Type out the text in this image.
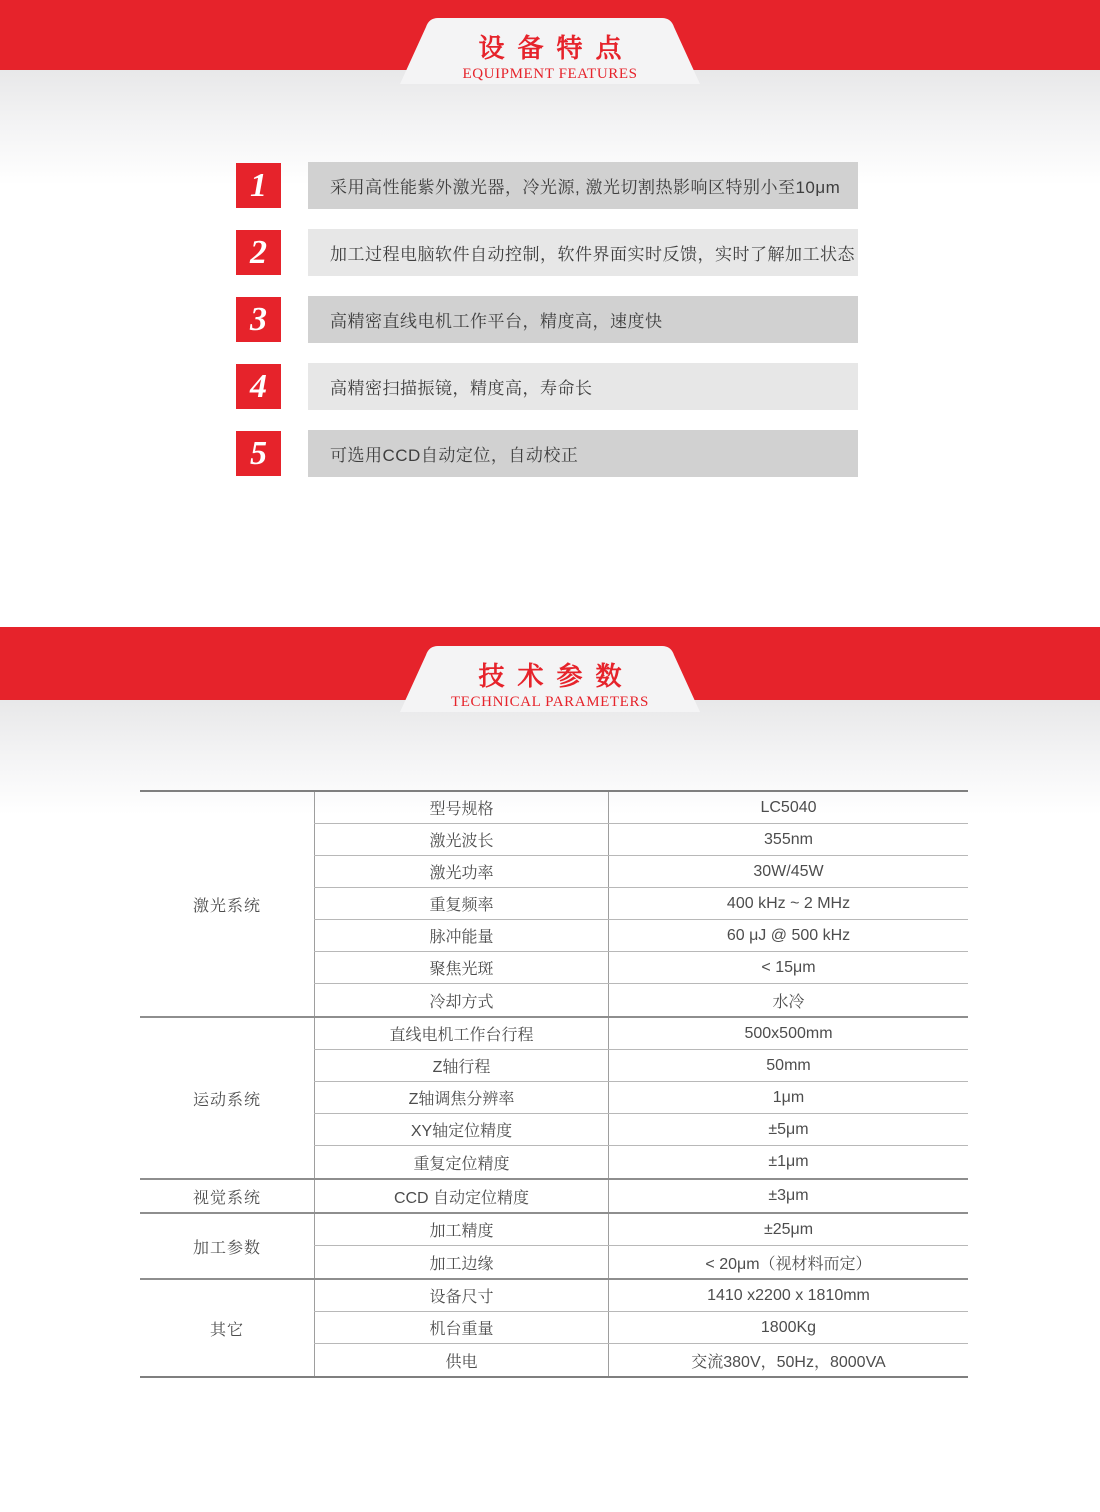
设备特点
EQUIPMENT FEATURES
1	采用高性能紫外激光器，冷光源, 激光切割热影响区特别小至10μm
2	加工过程电脑软件自动控制，软件界面实时反馈，实时了解加工状态
3	高精密直线电机工作平台，精度高，速度快
4	高精密扫描振镜，精度高，寿命长
5	可选用CCD自动定位，自动校正
技术参数
TECHNICAL PARAMETERS
激光系统
型号规格	LC5040
激光波长	355nm
激光功率	30W/45W
重复频率	400 kHz ~ 2 MHz
脉冲能量	60 μJ @ 500 kHz
聚焦光斑	< 15μm
冷却方式	水冷
运动系统
直线电机工作台行程	500x500mm
Z轴行程	50mm
Z轴调焦分辨率	1μm
XY轴定位精度	±5μm
重复定位精度	±1μm
视觉系统	CCD 自动定位精度	±3μm
加工参数
加工精度	±25μm
加工边缘	< 20μm（视材料而定）
其它
设备尺寸	1410 x2200 x 1810mm
机台重量	1800Kg
供电	交流380V，50Hz，8000VA
